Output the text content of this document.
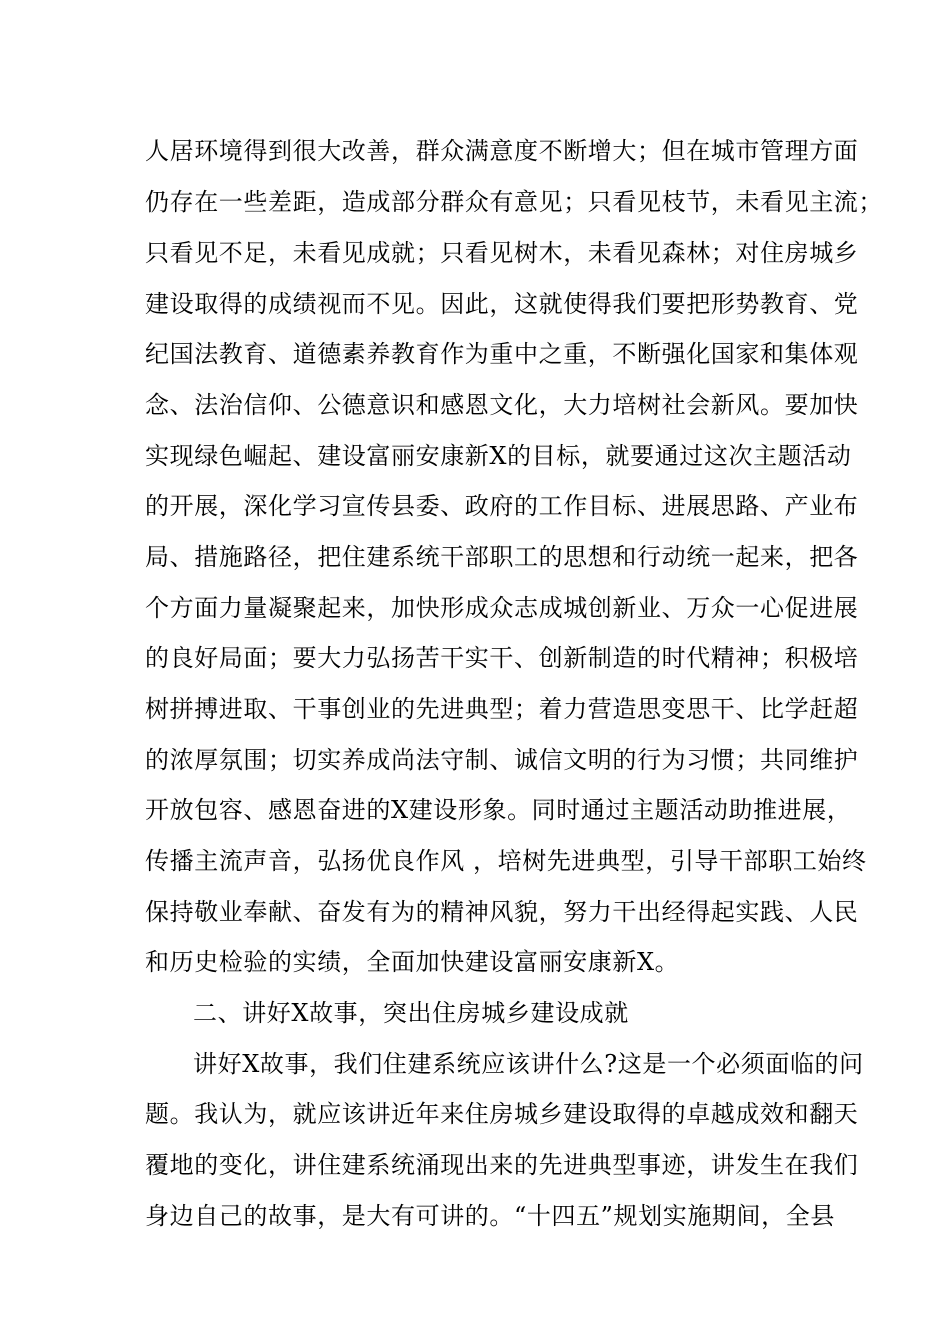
人居环境得到很大改善，群众满意度不断增大；但在城市管理方面
仍存在一些差距，造成部分群众有意见；只看见枝节，未看见主流；
只看见不足，未看见成就；只看见树木，未看见森林；对住房城乡
建设取得的成绩视而不见。因此，这就使得我们要把形势教育、党
纪国法教育、道德素养教育作为重中之重，不断强化国家和集体观
念、法治信仰、公德意识和感恩文化，大力培树社会新风。要加快
实现绿色崛起、建设富丽安康新X的目标，就要通过这次主题活动
的开展，深化学习宣传县委、政府的工作目标、进展思路、产业布
局、措施路径，把住建系统干部职工的思想和行动统一起来，把各
个方面力量凝聚起来，加快形成众志成城创新业、万众一心促进展
的良好局面；要大力弘扬苦干实干、创新制造的时代精神；积极培
树拼搏进取、干事创业的先进典型；着力营造思变思干、比学赶超
的浓厚氛围；切实养成尚法守制、诚信文明的行为习惯；共同维护
开放包容、感恩奋进的X建设形象。同时通过主题活动助推进展，
传播主流声音，弘扬优良作风 ，培树先进典型，引导干部职工始终
保持敬业奉献、奋发有为的精神风貌，努力干出经得起实践、人民
和历史检验的实绩，全面加快建设富丽安康新X。
二、讲好X故事，突出住房城乡建设成就
讲好X故事，我们住建系统应该讲什么?这是一个必须面临的问
题。我认为，就应该讲近年来住房城乡建设取得的卓越成效和翻天
覆地的变化，讲住建系统涌现出来的先进典型事迹，讲发生在我们
身边自己的故事，是大有可讲的。“十四五”规划实施期间，全县
